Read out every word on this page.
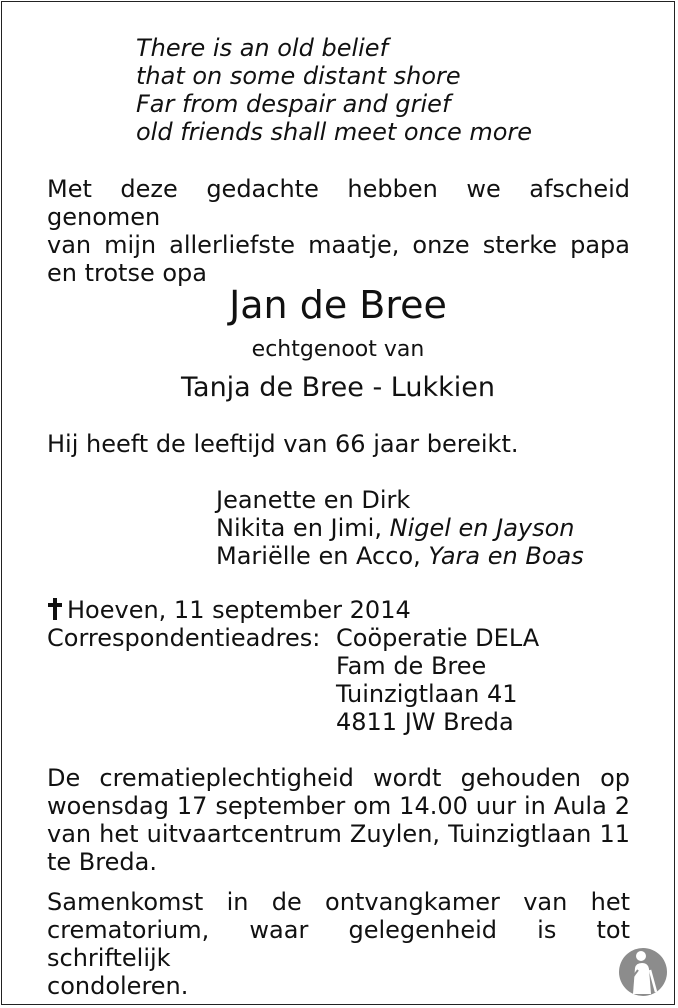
There is an old belief
that on some distant shore
Far from despair and grief
old friends shall meet once more
Met deze gedachte hebben we afscheid genomen
van mijn allerliefste maatje, onze sterke papa
en trotse opa
Jan de Bree
echtgenoot van
Tanja de Bree - Lukkien
Hij heeft de leeftijd van 66 jaar bereikt.
Jeanette en Dirk
Nikita en Jimi, Nigel en Jayson
Mariëlle en Acco, Yara en Boas
Hoeven, 11 september 2014
Correspondentieadres: Coöperatie DELA
Fam de Bree
Tuinzigtlaan 41
4811 JW Breda
De crematieplechtigheid wordt gehouden op
woensdag 17 september om 14.00 uur in Aula 2
van het uitvaartcentrum Zuylen, Tuinzigtlaan 11
te Breda.
Samenkomst in de ontvangkamer van het
crematorium, waar gelegenheid is tot schriftelijk
condoleren.
